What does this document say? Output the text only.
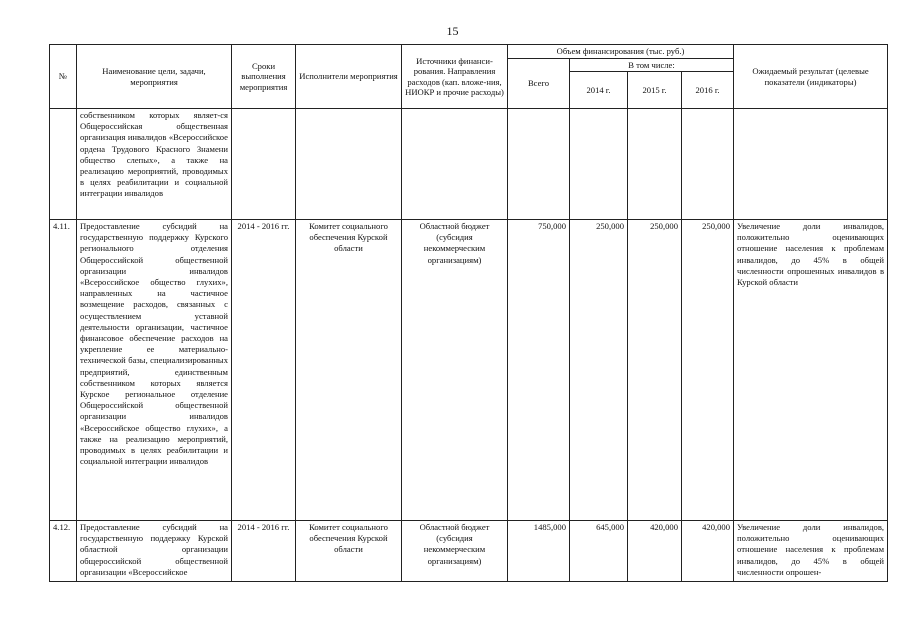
15
№	Наименование цели, задачи, мероприятия	Сроки выполнения мероприятия	Исполнители мероприятия	Источники финанси-рования. Направления расходов (кап. вложе-ния, НИОКР и прочие расходы)	Объем финансирования (тыс. руб.)				Ожидаемый результат (целевые показатели (индикаторы)
					Всего	В том числе:			
						2014 г.	2015 г.	2016 г.	
	собственником которых являет-ся Общероссийская общественная организация инвалидов «Всероссийское ордена Трудового Красного Знамени общество слепых», а также на реализацию мероприятий, проводимых в целях реабилитации и социальной интеграции инвалидов								
4.11.	Предоставление субсидий на государственную поддержку Курского регионального отделения Общероссийской общественной организации инвалидов «Всероссийское общество глухих», направленных на частичное возмещение расходов, связанных с осуществлением уставной деятельности организации, частичное финансовое обеспечение расходов на укрепление ее материально-технической базы, специализированных предприятий, единственным собственником которых является Курское региональное отделение Общероссийской общественной организации инвалидов «Всероссийское общество глухих», а также на реализацию мероприятий, проводимых в целях реабилитации и социальной интеграции инвалидов	2014 - 2016 гг.	Комитет социального обеспечения Курской области	Областной бюджет (субсидия некоммерческим организациям)	750,000	250,000	250,000	250,000	Увеличение доли инвалидов, положительно оценивающих отношение населения к проблемам инвалидов, до 45% в общей численности опрошенных инвалидов в Курской области
4.12.	Предоставление субсидий на государственную поддержку Курской областной организации общероссийской общественной организации «Всероссийское	2014 - 2016 гг.	Комитет социального обеспечения Курской области	Областной бюджет (субсидия некоммерческим организациям)	1485,000	645,000	420,000	420,000	Увеличение доли инвалидов, положительно оценивающих отношение населения к проблемам инвалидов, до 45% в общей численности опрошен-
